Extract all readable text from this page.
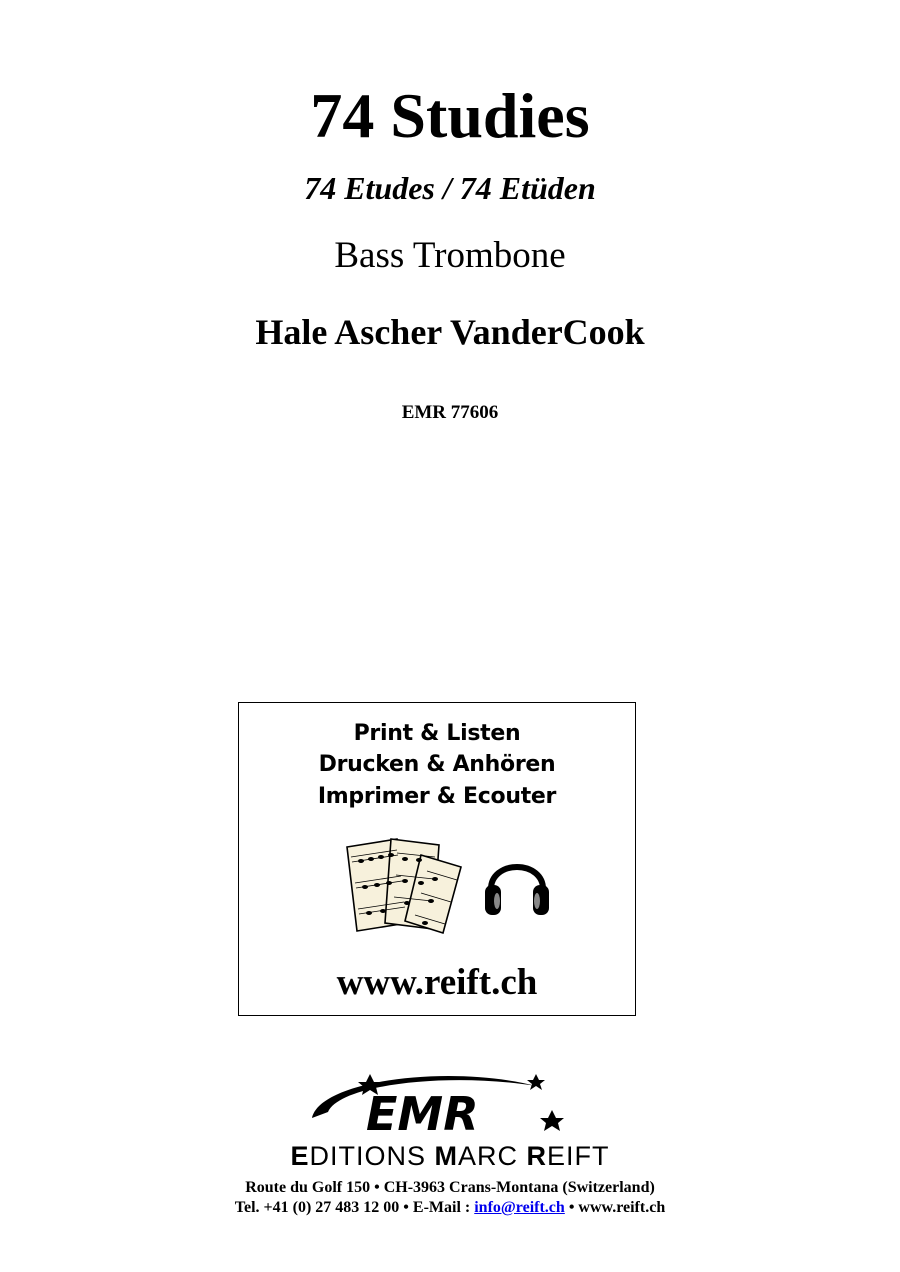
74 Studies
74 Etudes / 74 Etüden
Bass Trombone
Hale Ascher VanderCook
EMR 77606
Print & Listen
Drucken & Anhören
Imprimer & Ecouter
www.reift.ch
EMR
EDITIONS MARC REIFT
Route du Golf 150 • CH-3963 Crans-Montana (Switzerland)
Tel. +41 (0) 27 483 12 00 • E-Mail : info@reift.ch • www.reift.ch
